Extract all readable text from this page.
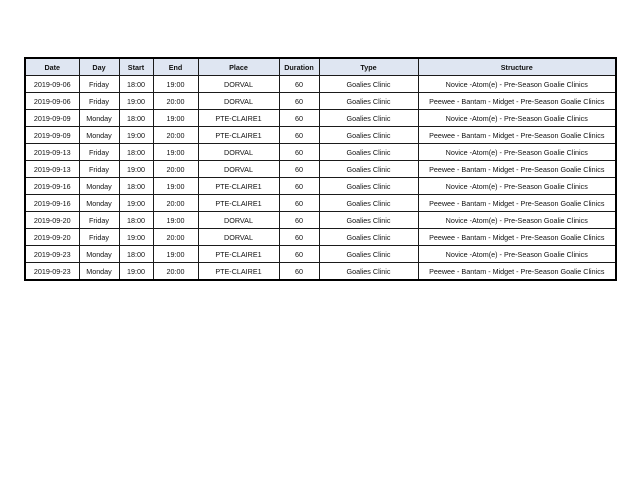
Date	Day	Start	End	Place	Duration	Type	Structure
2019-09-06	Friday	18:00	19:00	DORVAL	60	Goalies Clinic	Novice -Atom(e) - Pre-Season Goalie Clinics
2019-09-06	Friday	19:00	20:00	DORVAL	60	Goalies Clinic	Peewee - Bantam - Midget - Pre-Season Goalie Clinics
2019-09-09	Monday	18:00	19:00	PTE-CLAIRE1	60	Goalies Clinic	Novice -Atom(e) - Pre-Season Goalie Clinics
2019-09-09	Monday	19:00	20:00	PTE-CLAIRE1	60	Goalies Clinic	Peewee - Bantam - Midget - Pre-Season Goalie Clinics
2019-09-13	Friday	18:00	19:00	DORVAL	60	Goalies Clinic	Novice -Atom(e) - Pre-Season Goalie Clinics
2019-09-13	Friday	19:00	20:00	DORVAL	60	Goalies Clinic	Peewee - Bantam - Midget - Pre-Season Goalie Clinics
2019-09-16	Monday	18:00	19:00	PTE-CLAIRE1	60	Goalies Clinic	Novice -Atom(e) - Pre-Season Goalie Clinics
2019-09-16	Monday	19:00	20:00	PTE-CLAIRE1	60	Goalies Clinic	Peewee - Bantam - Midget - Pre-Season Goalie Clinics
2019-09-20	Friday	18:00	19:00	DORVAL	60	Goalies Clinic	Novice -Atom(e) - Pre-Season Goalie Clinics
2019-09-20	Friday	19:00	20:00	DORVAL	60	Goalies Clinic	Peewee - Bantam - Midget - Pre-Season Goalie Clinics
2019-09-23	Monday	18:00	19:00	PTE-CLAIRE1	60	Goalies Clinic	Novice -Atom(e) - Pre-Season Goalie Clinics
2019-09-23	Monday	19:00	20:00	PTE-CLAIRE1	60	Goalies Clinic	Peewee - Bantam - Midget - Pre-Season Goalie Clinics
